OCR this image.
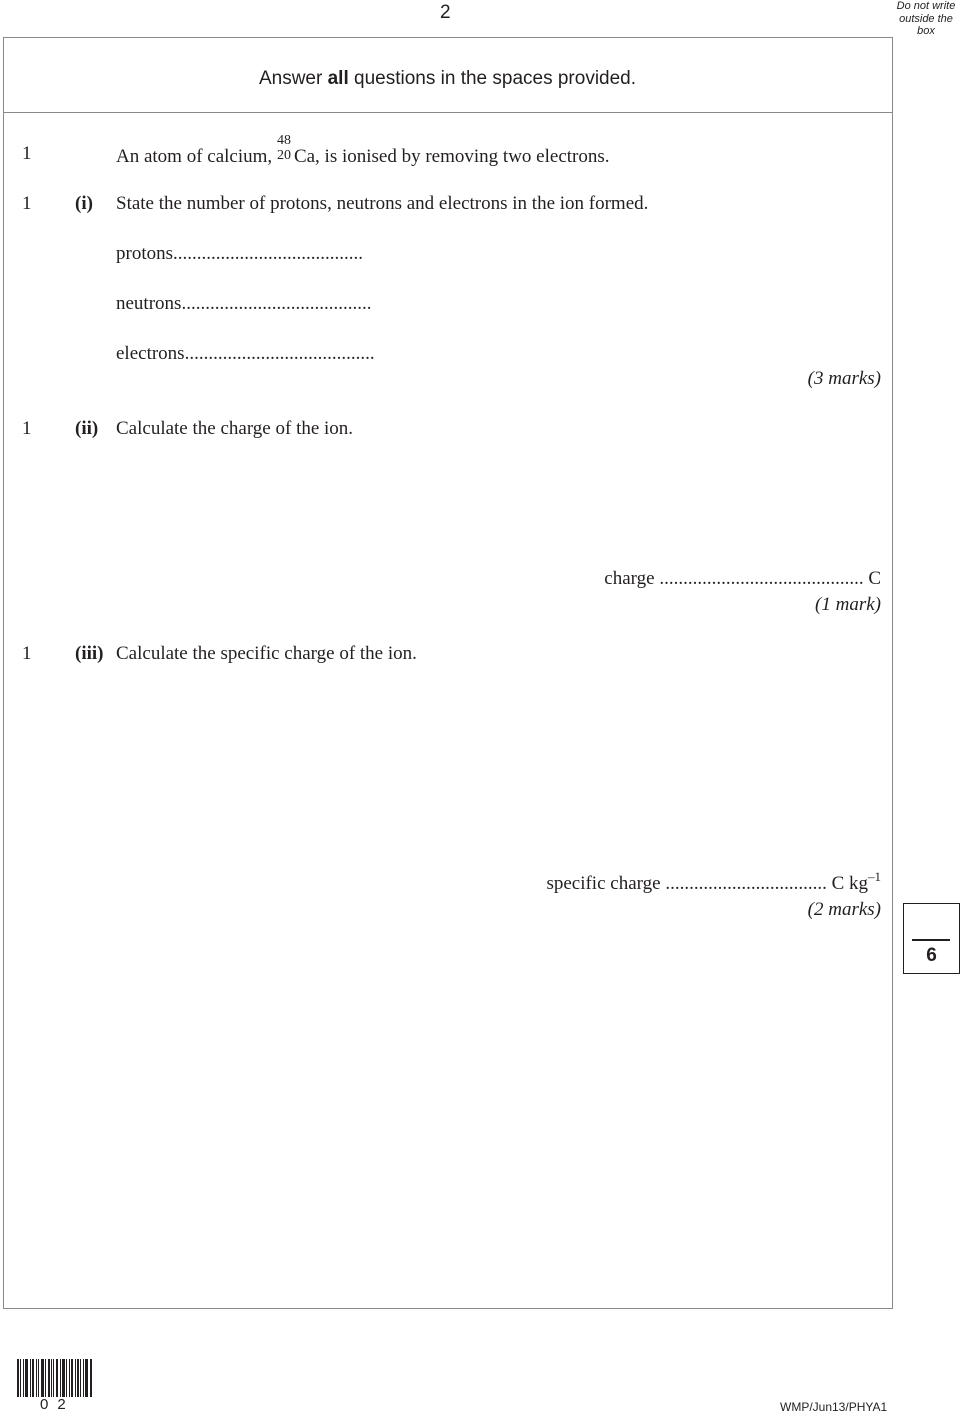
2	Do not write outside the box
Answer all questions in the spaces provided.
1	An atom of calcium,
48
20 Ca, is ionised by removing two electrons.
1 (i) State the number of protons, neutrons and electrons in the ion formed.
protons........................................
neutrons........................................
electrons........................................
(3 marks)
1 (ii) Calculate the charge of the ion.
charge ........................................... C
(1 mark)
1 (iii) Calculate the specific charge of the ion.
specific charge .................................. C $kg^{-1}$
(2 marks)
6
02	WMP/Jun13/PHYA1
